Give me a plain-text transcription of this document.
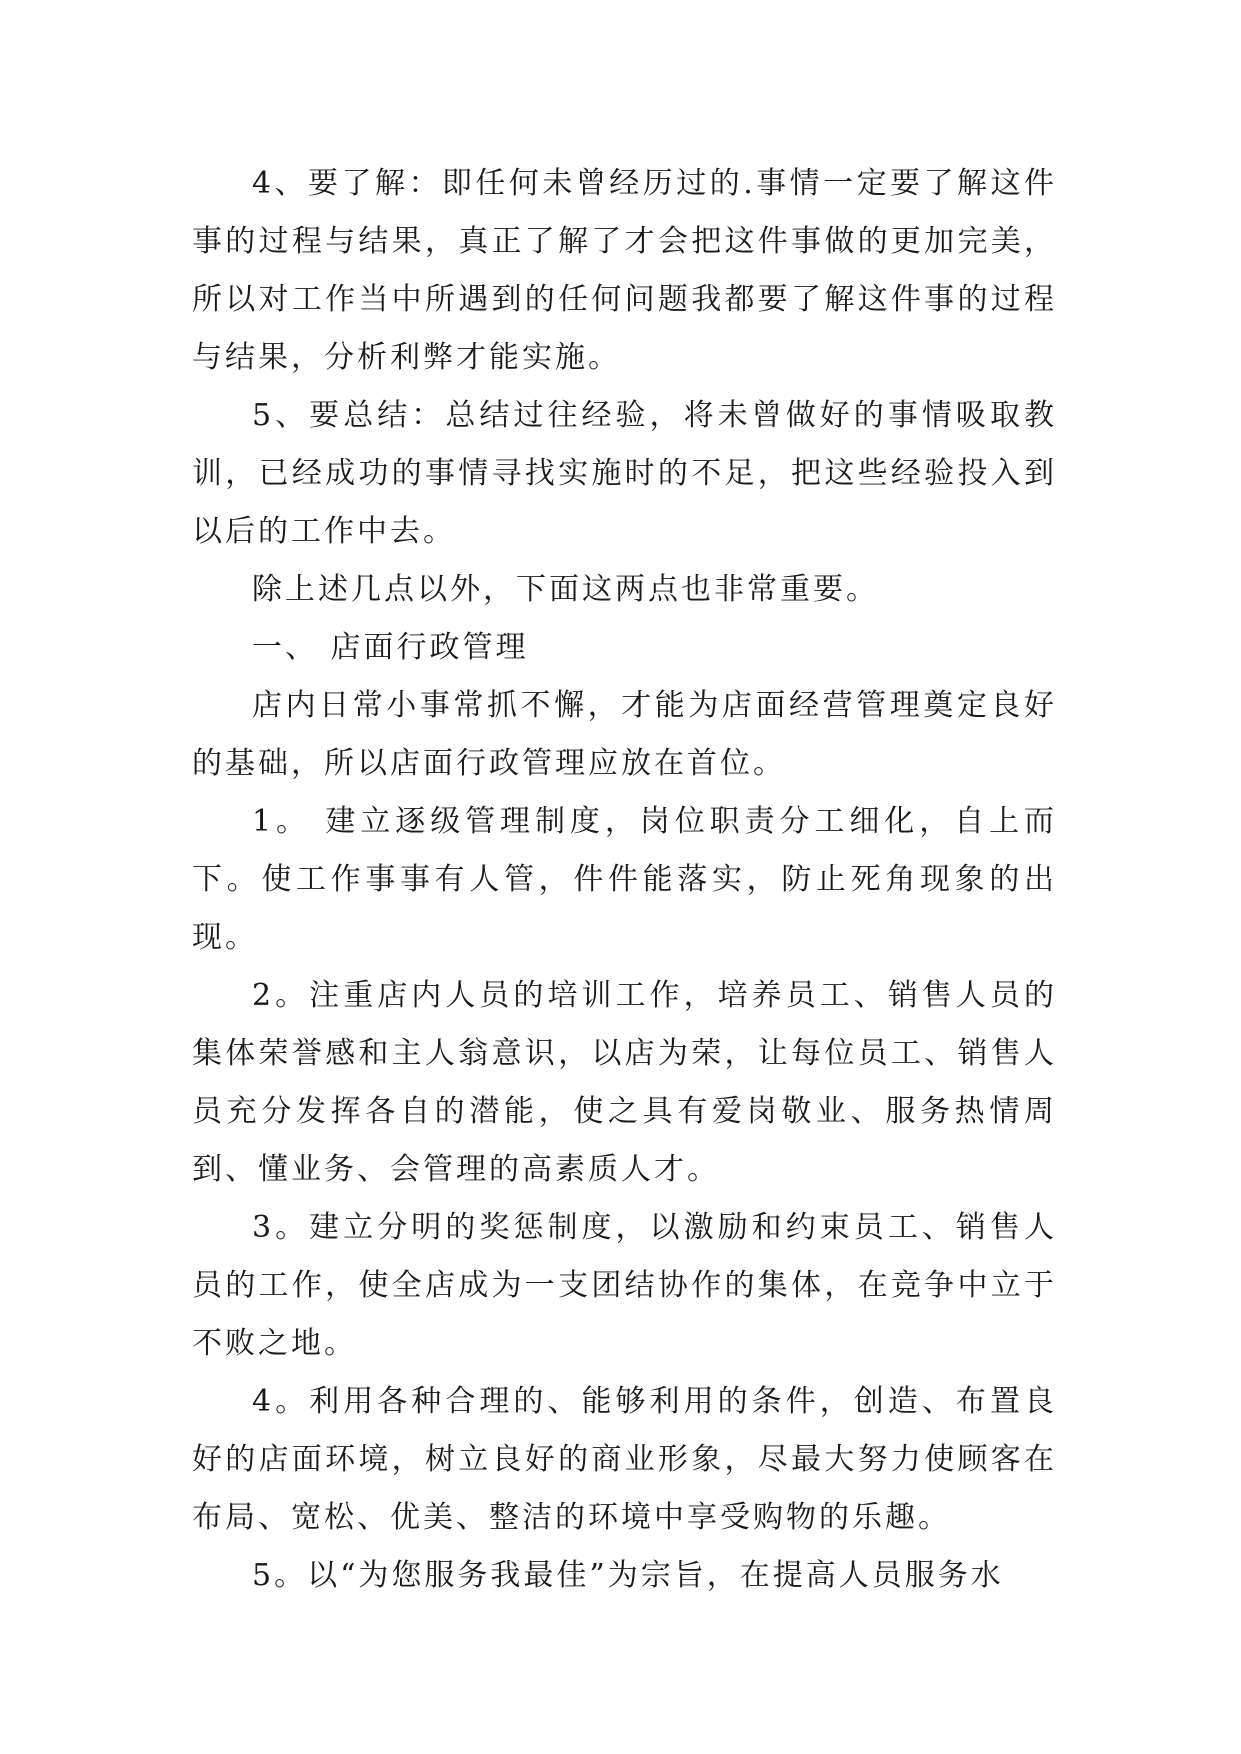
4、要了解：即任何未曾经历过的.事情一定要了解这件事的过程与结果，真正了解了才会把这件事做的更加完美，所以对工作当中所遇到的任何问题我都要了解这件事的过程与结果，分析利弊才能实施。

5、要总结：总结过往经验，将未曾做好的事情吸取教训，已经成功的事情寻找实施时的不足，把这些经验投入到以后的工作中去。

除上述几点以外，下面这两点也非常重要。

一、 店面行政管理

店内日常小事常抓不懈，才能为店面经营管理奠定良好的基础，所以店面行政管理应放在首位。

1。 建立逐级管理制度，岗位职责分工细化，自上而下。使工作事事有人管，件件能落实，防止死角现象的出现。

2。注重店内人员的培训工作，培养员工、销售人员的集体荣誉感和主人翁意识，以店为荣，让每位员工、销售人员充分发挥各自的潜能，使之具有爱岗敬业、服务热情周到、懂业务、会管理的高素质人才。

3。建立分明的奖惩制度，以激励和约束员工、销售人员的工作，使全店成为一支团结协作的集体，在竞争中立于不败之地。

4。利用各种合理的、能够利用的条件，创造、布置良好的店面环境，树立良好的商业形象，尽最大努力使顾客在布局、宽松、优美、整洁的环境中享受购物的乐趣。

5。以“为您服务我最佳”为宗旨，在提高人员服务水
